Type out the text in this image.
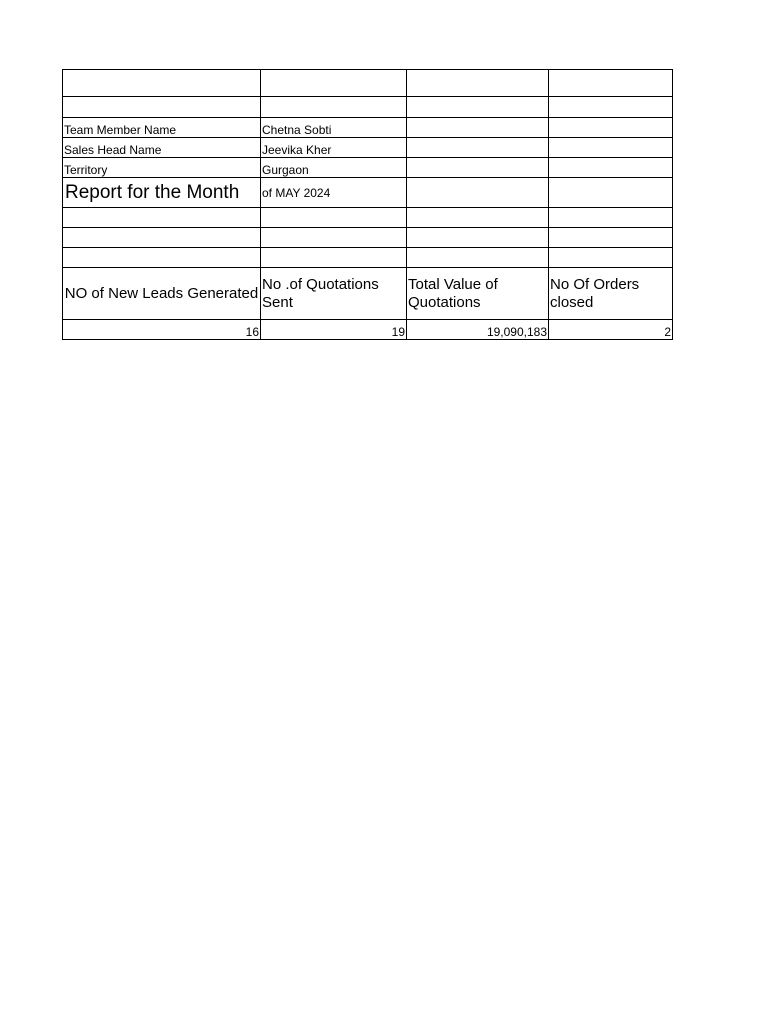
Team Member Name	Chetna Sobti		
Sales Head Name	Jeevika Kher		
Territory	Gurgaon		

Report for the Month	of MAY 2024		

NO of New Leads Generated	No .of Quotations Sent	Total Value of Quotations	No Of Orders closed
16	19	19,090,183	2
